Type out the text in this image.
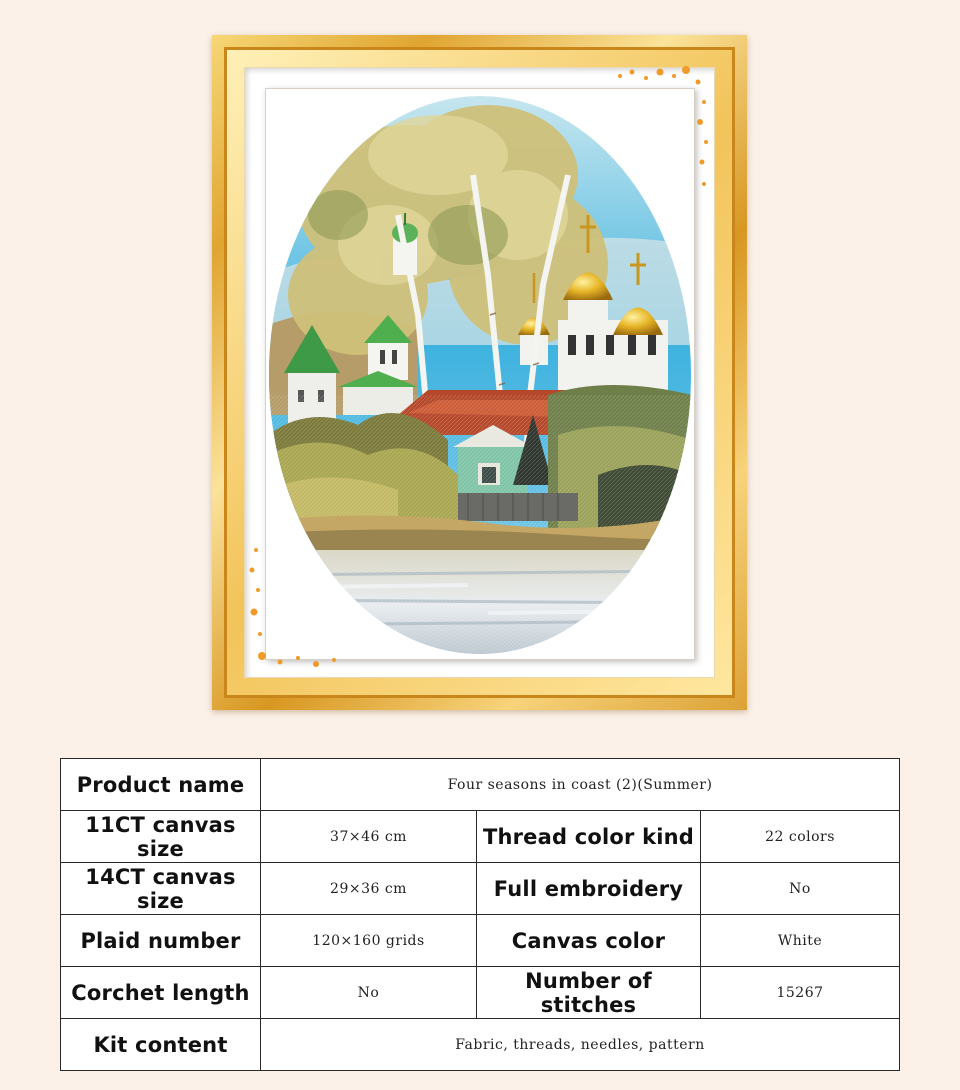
Product name	Four seasons in coast (2)(Summer)		
11CT canvas size	37×46 cm	Thread color kind	22 colors
14CT canvas size	29×36 cm	Full embroidery	No
Plaid number	120×160 grids	Canvas color	White
Corchet length	No	Number of stitches	15267
Kit content	Fabric, threads, needles, pattern		
